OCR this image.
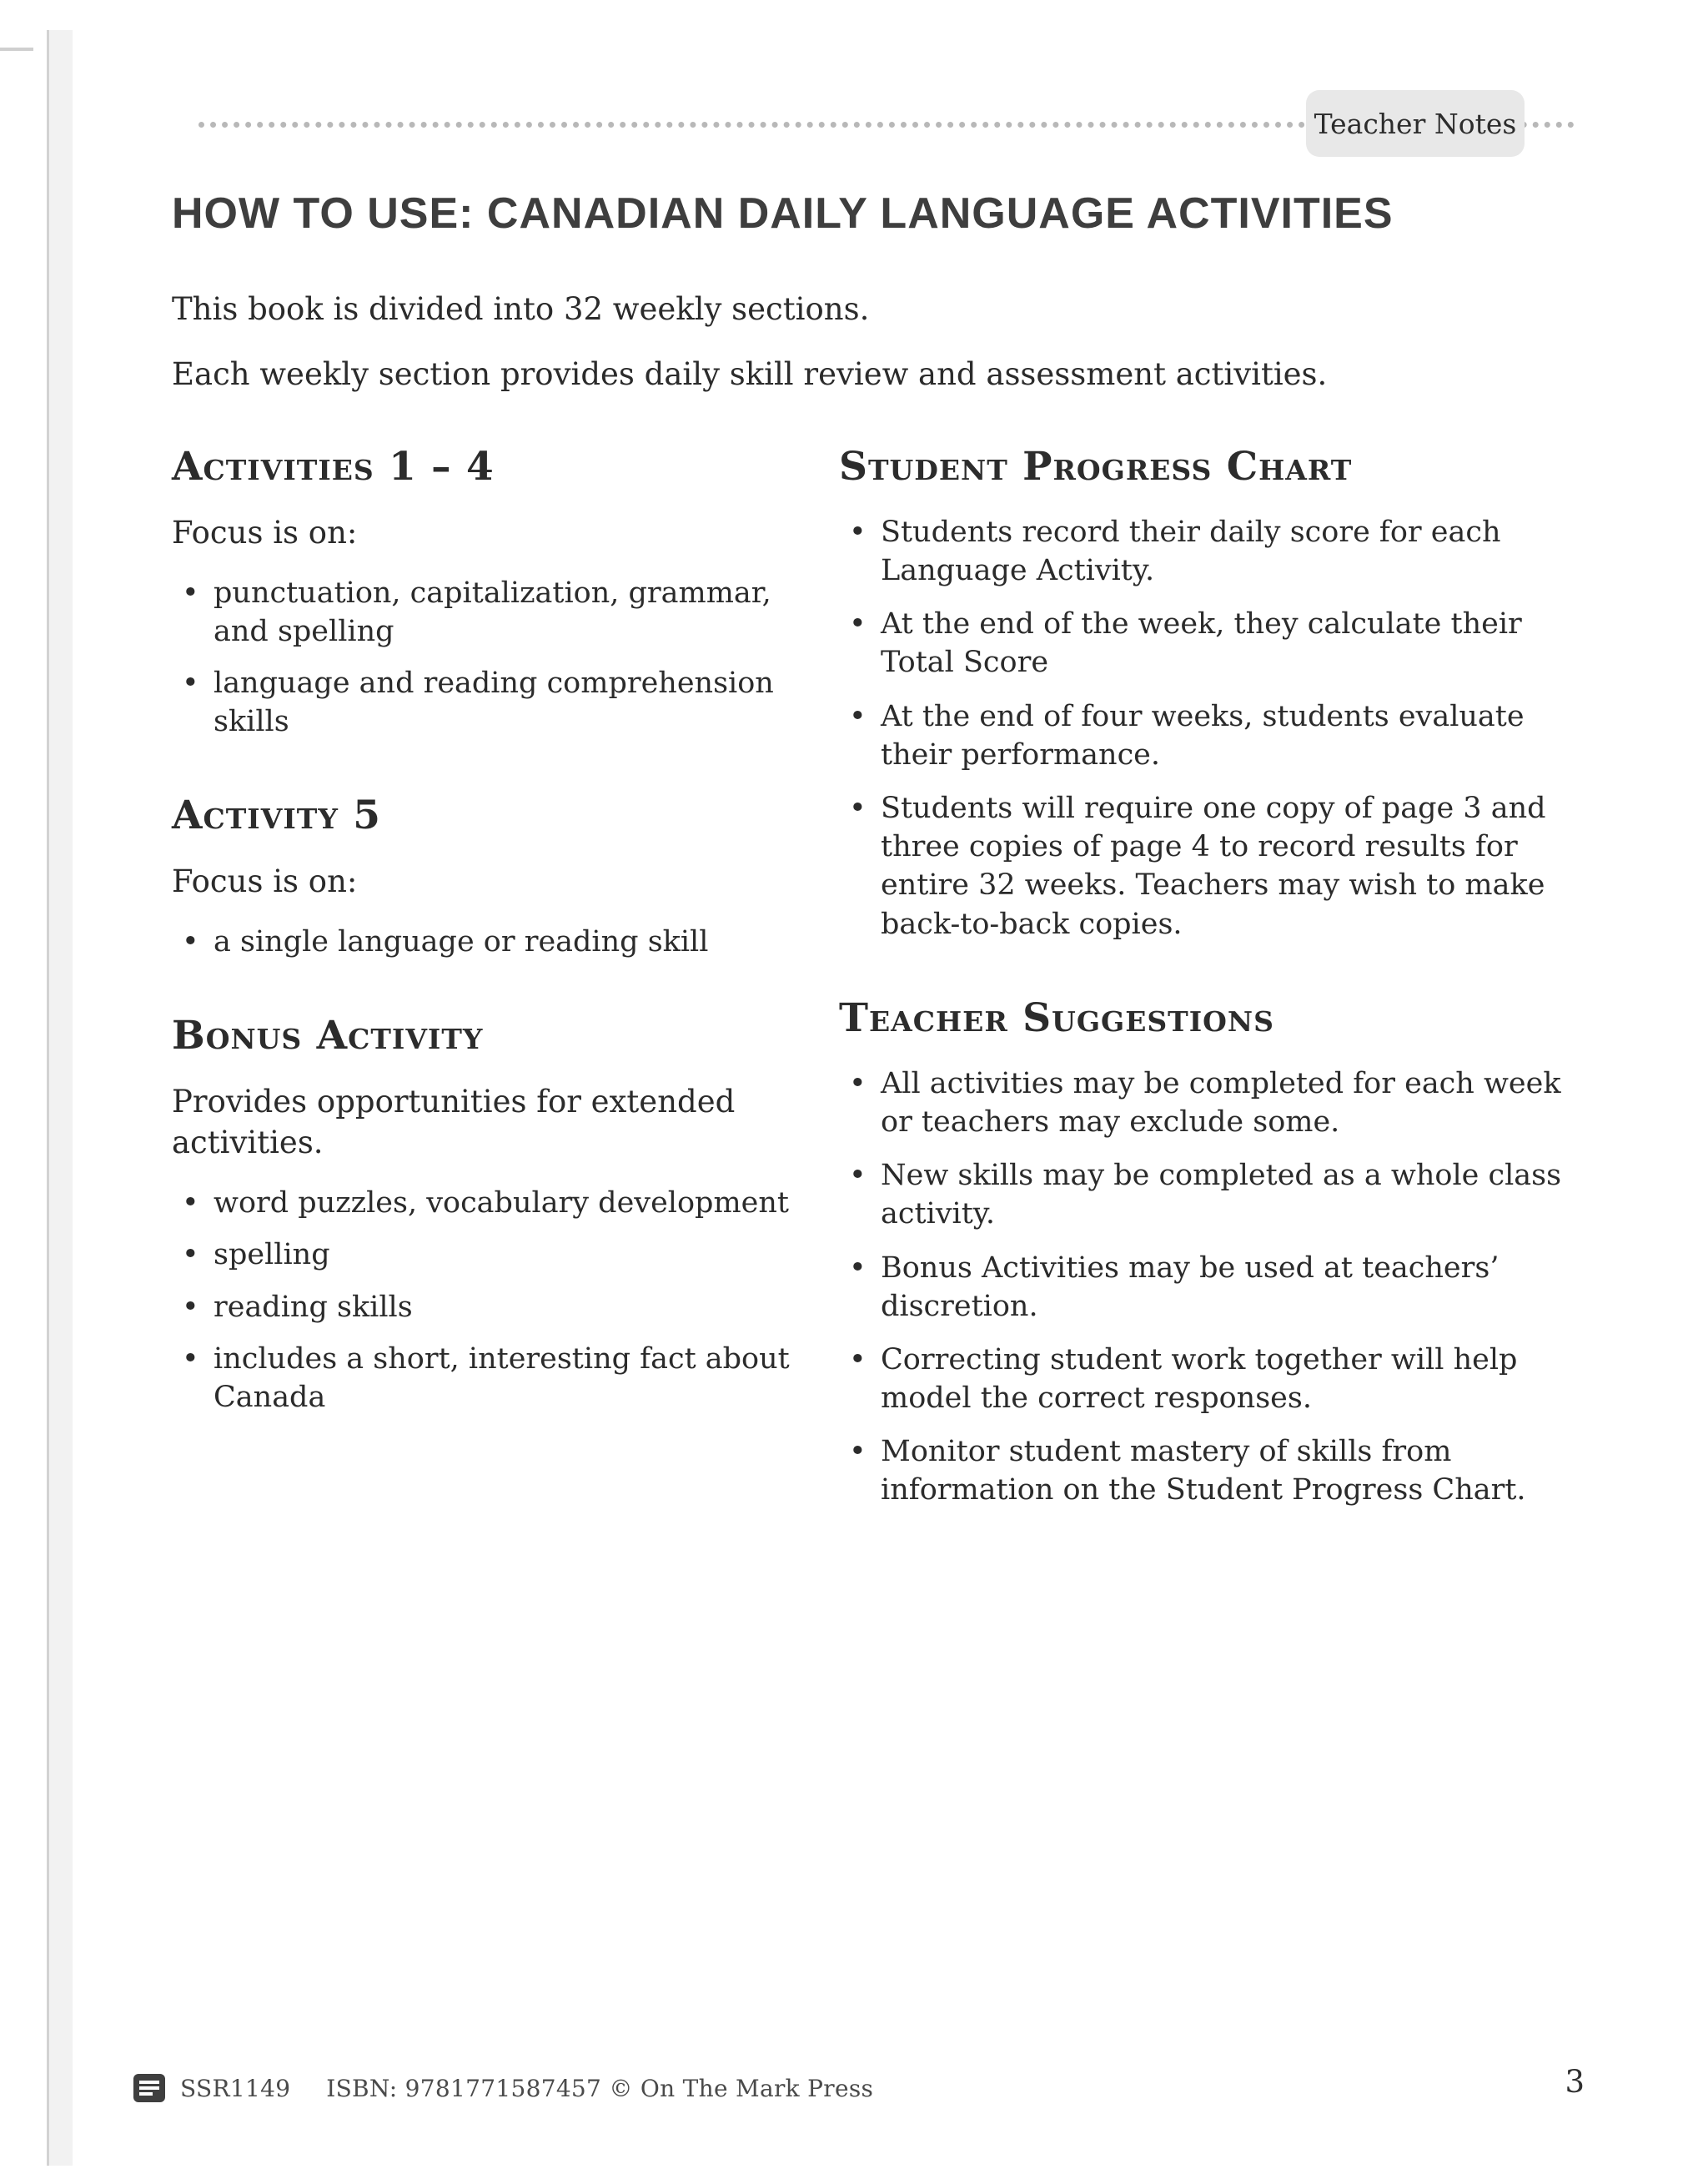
Teacher Notes
HOW TO USE: CANADIAN DAILY LANGUAGE ACTIVITIES

This book is divided into 32 weekly sections.

Each weekly section provides daily skill review and assessment activities.

Activities 1 – 4

Focus is on:

• punctuation, capitalization, grammar, and spelling
• language and reading comprehension skills
Activity 5

Focus is on:

• a single language or reading skill
Bonus Activity

Provides opportunities for extended activities.

• word puzzles, vocabulary development
• spelling
• reading skills
• includes a short, interesting fact about Canada
Student Progress Chart
• Students record their daily score for each Language Activity.
• At the end of the week, they calculate their Total Score
• At the end of four weeks, students evaluate their performance.
• Students will require one copy of page 3 and three copies of page 4 to record results for entire 32 weeks. Teachers may wish to make back-to-back copies.
Teacher Suggestions
• All activities may be completed for each week or teachers may exclude some.
• New skills may be completed as a whole class activity.
• Bonus Activities may be used at teachers’ discretion.
• Correcting student work together will help model the correct responses.
• Monitor student mastery of skills from information on the Student Progress Chart.
SSR1149 ISBN: 9781771587457 © On The Mark Press	3
